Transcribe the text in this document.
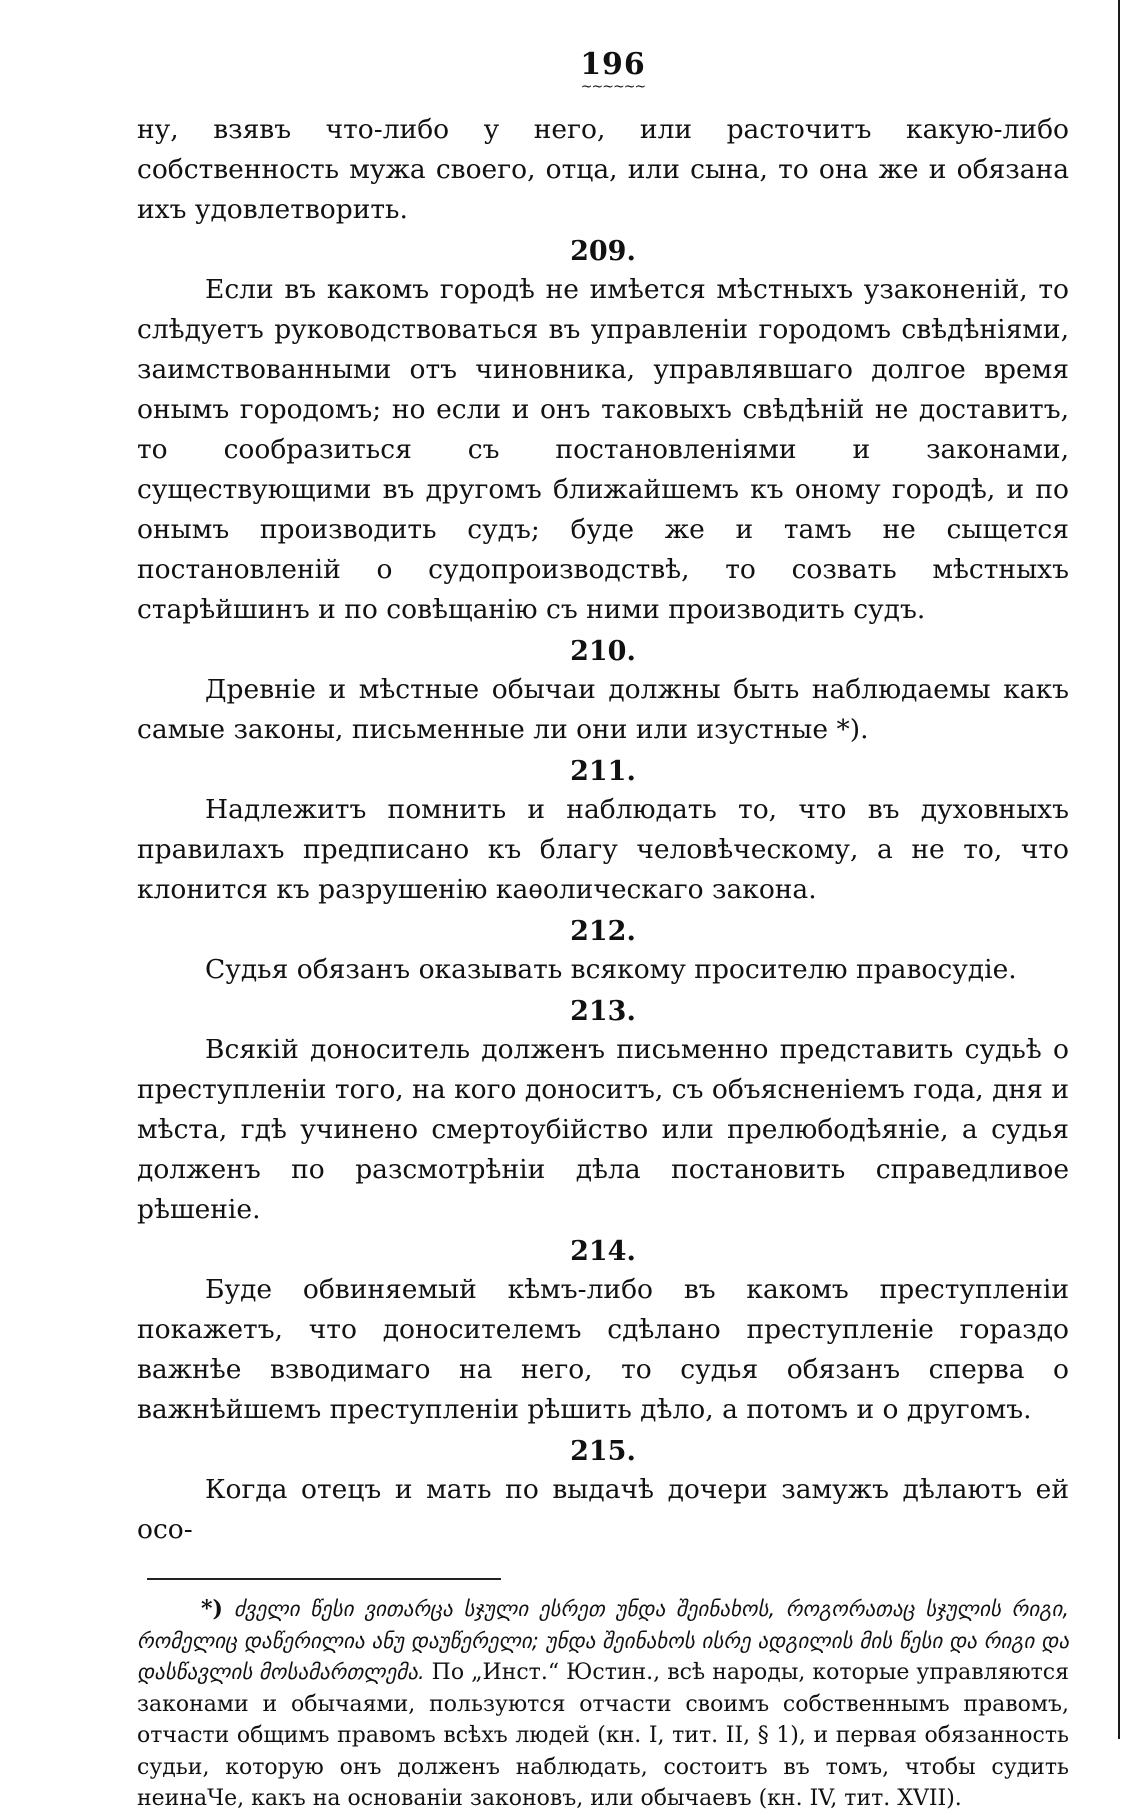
196
~~~~~~

ну, взявъ что-либо у него, или расточитъ какую-либо собственность мужа своего, отца, или сына, то она же и обязана ихъ удовлетворить.

209.

Если въ какомъ городѣ не имѣется мѣстныхъ узаконеній, то слѣдуетъ руководствоваться въ управленіи городомъ свѣдѣніями, заимствованными отъ чиновника, управлявшаго долгое время онымъ городомъ; но если и онъ таковыхъ свѣдѣній не доставитъ, то сообразиться съ постановленіями и законами, существующими въ другомъ ближайшемъ къ оному городѣ, и по онымъ производить судъ; буде же и тамъ не сыщется постановленій о судопроизводствѣ, то созвать мѣстныхъ старѣйшинъ и по совѣщанію съ ними производить судъ.

210.

Древніе и мѣстные обычаи должны быть наблюдаемы какъ самые законы, письменные ли они или изустные *).

211.

Надлежитъ помнить и наблюдать то, что въ духовныхъ правилахъ предписано къ благу человѣческому, а не то, что клонится къ разрушенію каѳолическаго закона.

212.

Судья обязанъ оказывать всякому просителю правосудіе.

213.

Всякій доноситель долженъ письменно представить судьѣ о преступленіи того, на кого доноситъ, съ объясненіемъ года, дня и мѣста, гдѣ учинено смертоубійство или прелюбодѣяніе, а судья долженъ по разсмотрѣніи дѣла постановить справедливое рѣшеніе.

214.

Буде обвиняемый кѣмъ-либо въ какомъ преступленіи покажетъ, что доносителемъ сдѣлано преступленіе гораздо важнѣе взводимаго на него, то судья обязанъ сперва о важнѣйшемъ преступленіи рѣшить дѣло, а потомъ и о другомъ.

215.

Когда отецъ и мать по выдачѣ дочери замужъ дѣлаютъ ей осо-

*) ძველი წესი ვითარცა სჯული ესრეთ უნდა შეინახოს, როგორათაც სჯულის რიგი, რომელიც დაწერილია ანუ დაუწერელი; უნდა შეინახოს ისრე ადგილის მის წესი და რიგი და დასწავლის მოსამართლემა. По „Инст.“ Юстин., всѣ народы, которые управляются законами и обычаями, пользуются отчасти своимъ собственнымъ правомъ, отчасти общимъ правомъ всѣхъ людей (кн. I, тит. II, § 1), и первая обязанность судьи, которую онъ долженъ наблюдать, состоитъ въ томъ, чтобы судить неинаЧе, какъ на основаніи законовъ, или обычаевъ (кн. IV, тит. XVII).
